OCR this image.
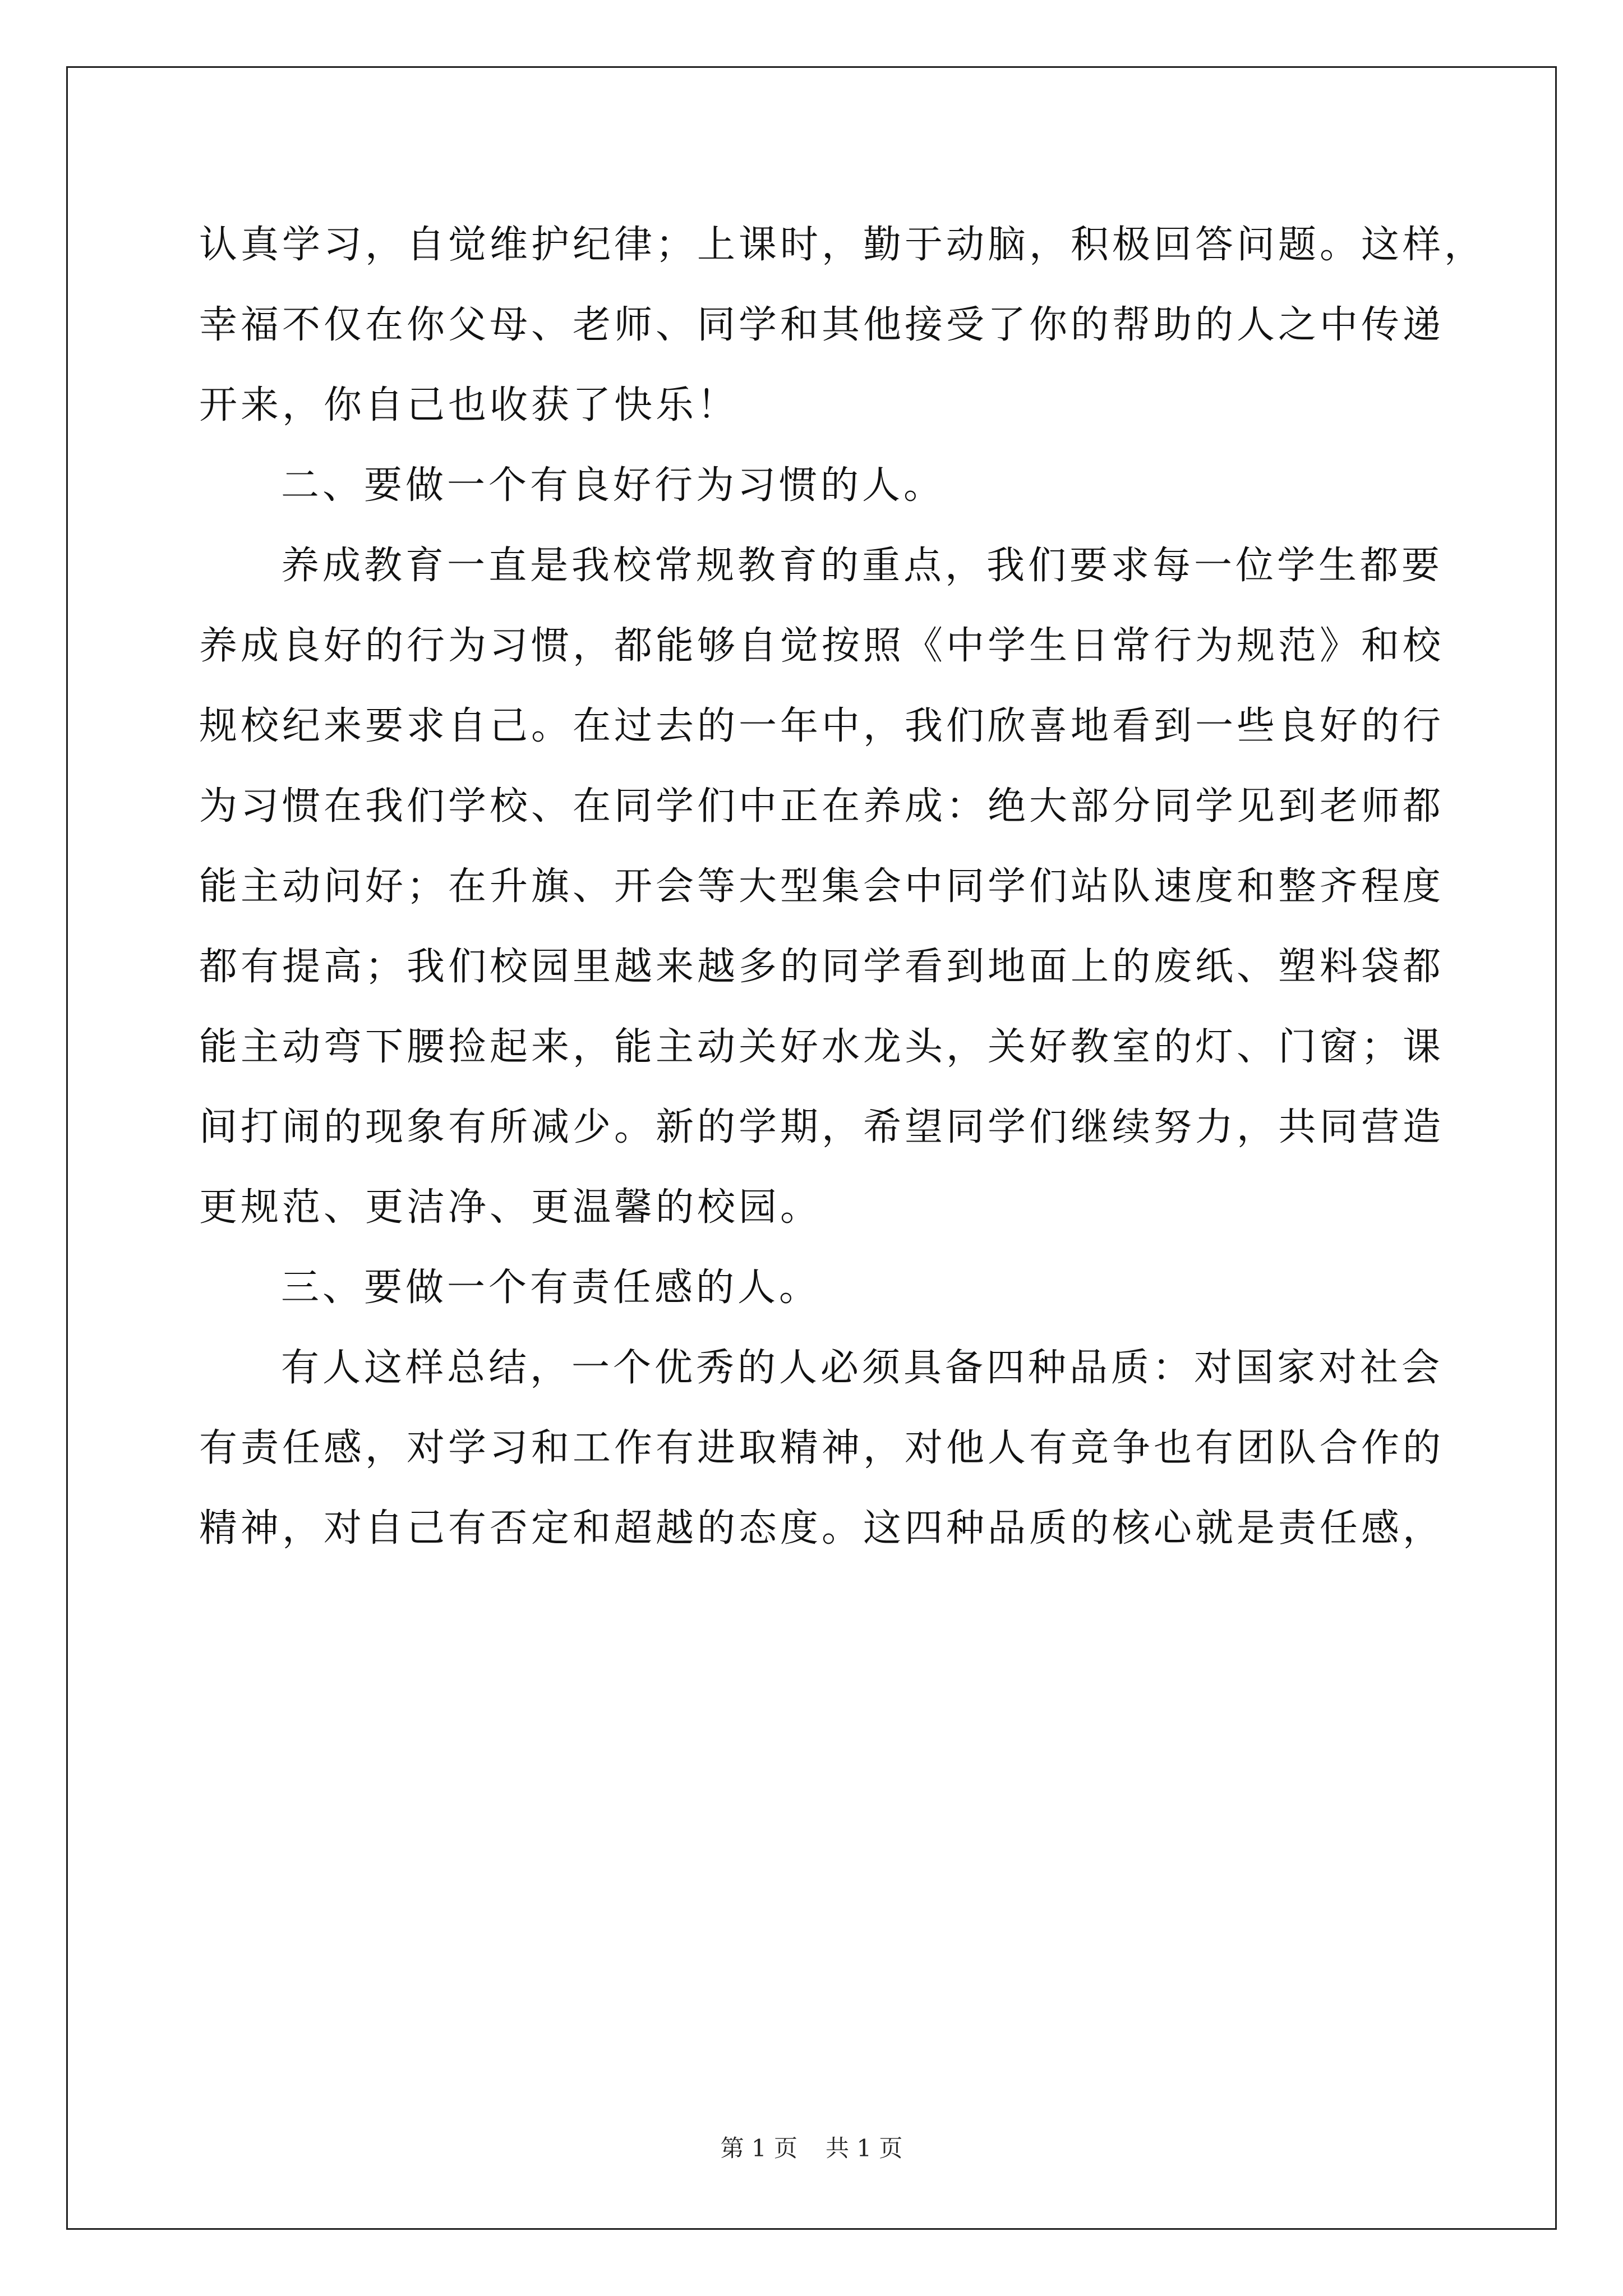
认真学习，自觉维护纪律；上课时，勤于动脑，积极回答问题。这样，
幸福不仅在你父母、老师、同学和其他接受了你的帮助的人之中传递
开来，你自己也收获了快乐！
二、要做一个有良好行为习惯的人。
养成教育一直是我校常规教育的重点，我们要求每一位学生都要
养成良好的行为习惯，都能够自觉按照《中学生日常行为规范》和校
规校纪来要求自己。在过去的一年中，我们欣喜地看到一些良好的行
为习惯在我们学校、在同学们中正在养成：绝大部分同学见到老师都
能主动问好；在升旗、开会等大型集会中同学们站队速度和整齐程度
都有提高；我们校园里越来越多的同学看到地面上的废纸、塑料袋都
能主动弯下腰捡起来，能主动关好水龙头，关好教室的灯、门窗；课
间打闹的现象有所减少。新的学期，希望同学们继续努力，共同营造
更规范、更洁净、更温馨的校园。
三、要做一个有责任感的人。
有人这样总结，一个优秀的人必须具备四种品质：对国家对社会
有责任感，对学习和工作有进取精神，对他人有竞争也有团队合作的
精神，对自己有否定和超越的态度。这四种品质的核心就是责任感，
第 1 页 共 1 页
